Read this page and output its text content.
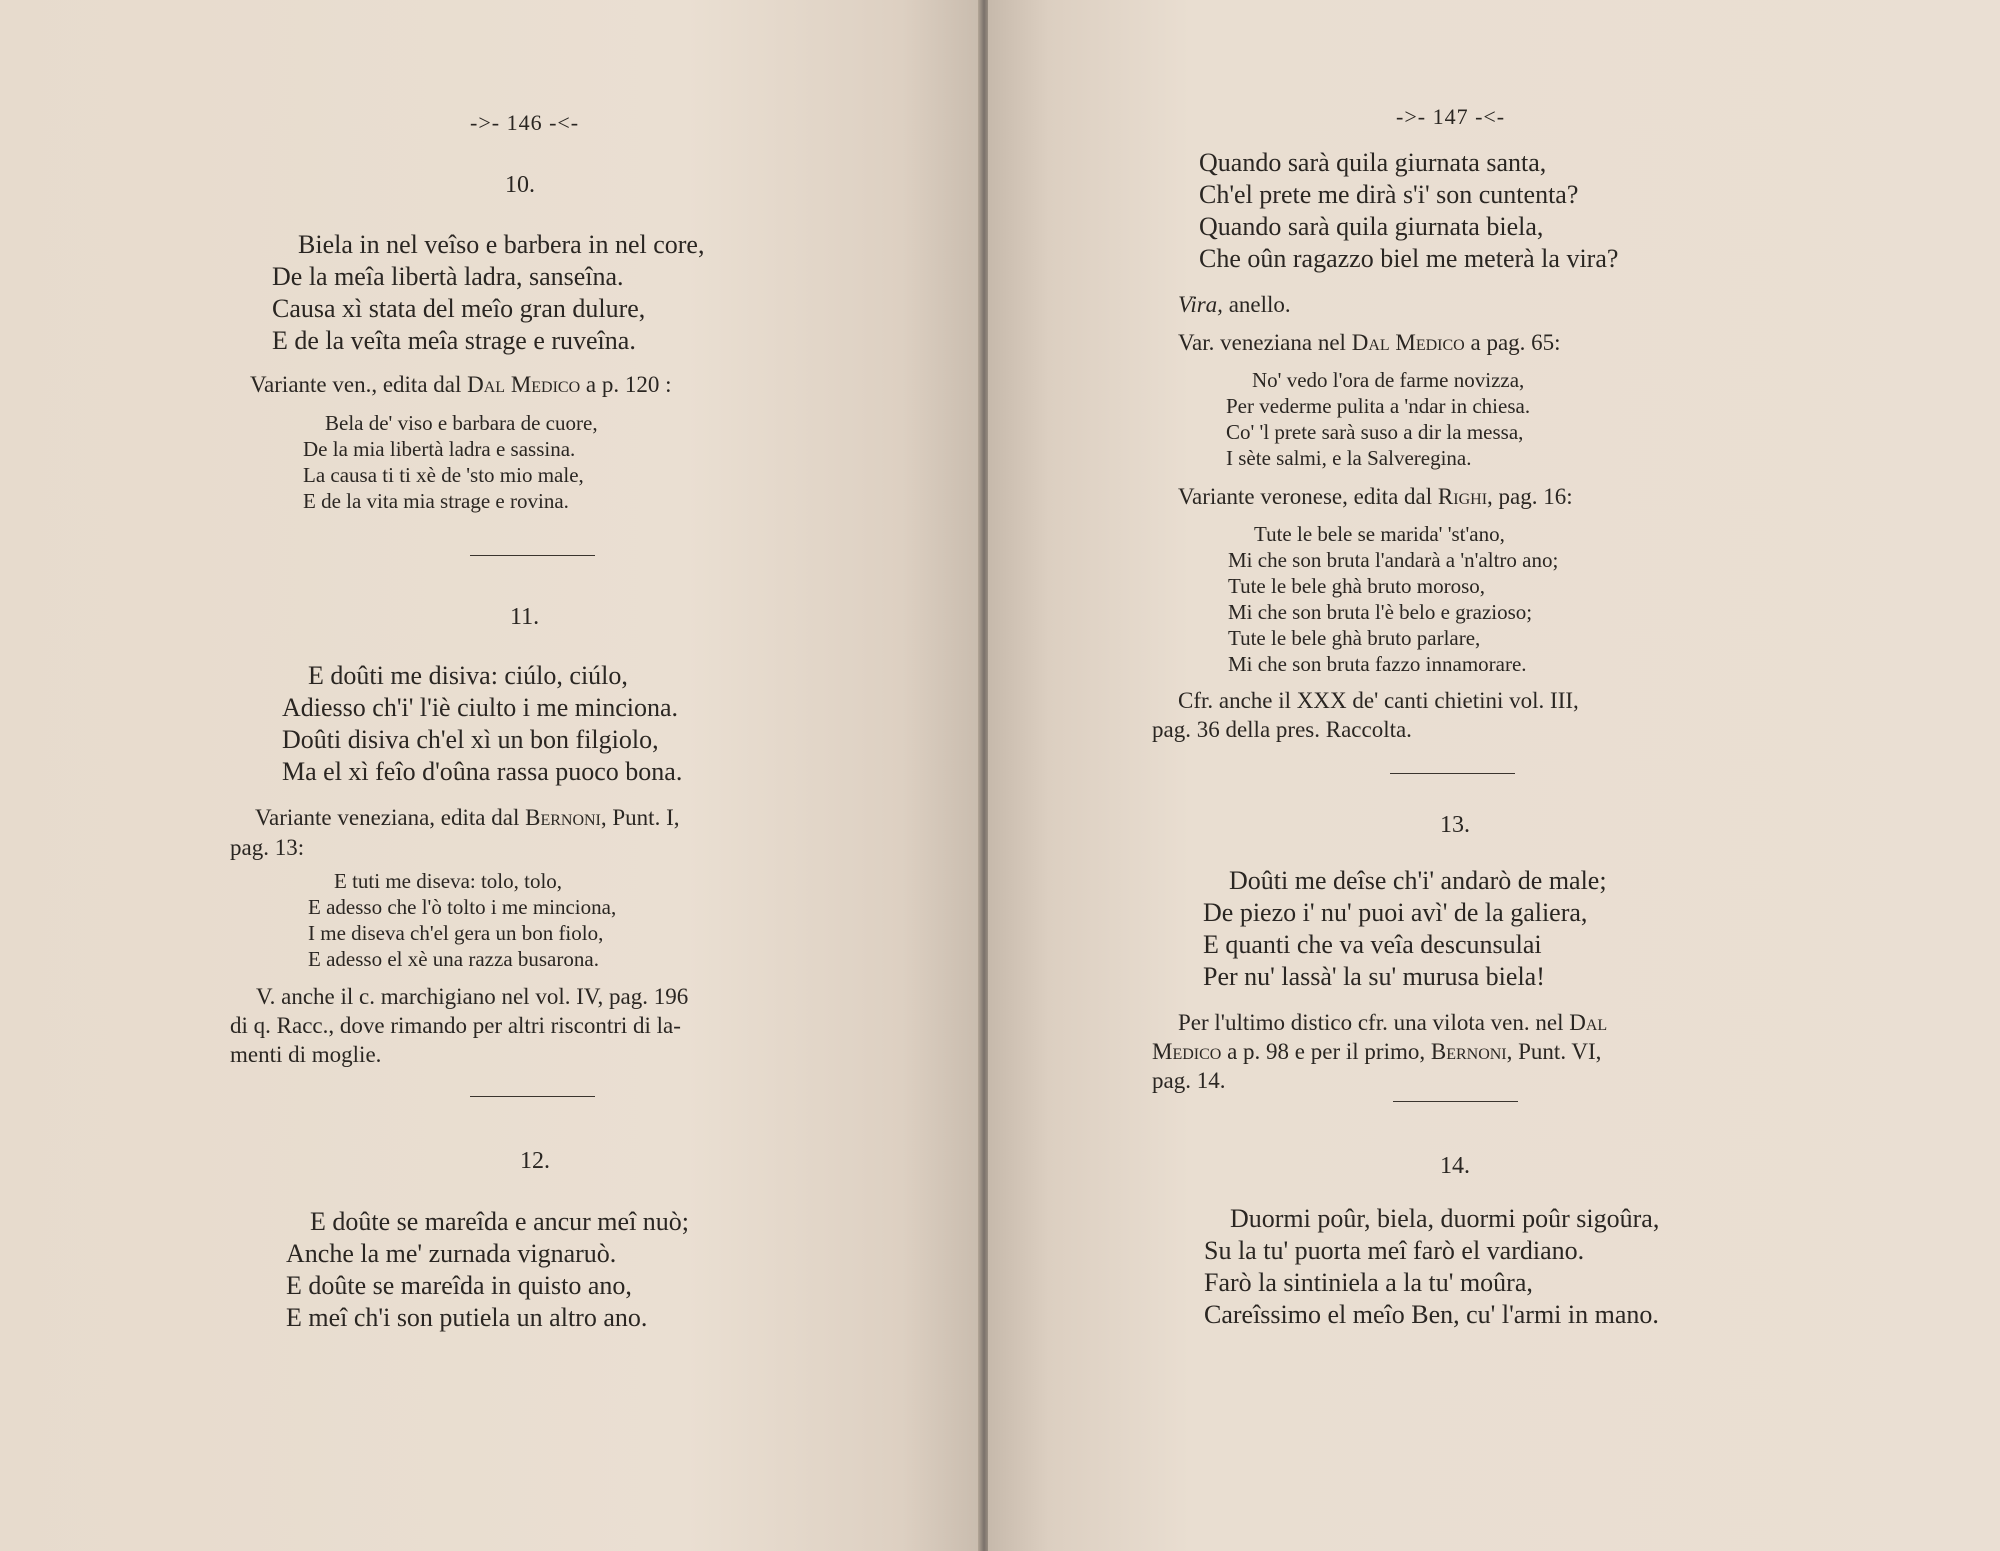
->- 146 -<-
10.
Biela in nel veîso e barbera in nel core,
De la meîa libertà ladra, sanseîna.
Causa xì stata del meîo gran dulure,
E de la veîta meîa strage e ruveîna.
Variante ven., edita dal Dal Medico a p. 120 :
Bela de' viso e barbara de cuore,
De la mia libertà ladra e sassina.
La causa ti ti xè de 'sto mio male,
E de la vita mia strage e rovina.
11.
E doûti me disiva: ciúlo, ciúlo,
Adiesso ch'i' l'iè ciulto i me minciona.
Doûti disiva ch'el xì un bon filgiolo,
Ma el xì feîo d'oûna rassa puoco bona.
Variante veneziana, edita dal Bernoni, Punt. I,
pag. 13:
E tuti me diseva: tolo, tolo,
E adesso che l'ò tolto i me minciona,
I me diseva ch'el gera un bon fiolo,
E adesso el xè una razza busarona.
V. anche il c. marchigiano nel vol. IV, pag. 196
di q. Racc., dove rimando per altri riscontri di la-
menti di moglie.
12.
E doûte se mareîda e ancur meî nuò;
Anche la me' zurnada vignaruò.
E doûte se mareîda in quisto ano,
E meî ch'i son putiela un altro ano.
->- 147 -<-
Quando sarà quila giurnata santa,
Ch'el prete me dirà s'i' son cuntenta?
Quando sarà quila giurnata biela,
Che oûn ragazzo biel me meterà la vira?
Vira, anello.
Var. veneziana nel Dal Medico a pag. 65:
No' vedo l'ora de farme novizza,
Per vederme pulita a 'ndar in chiesa.
Co' 'l prete sarà suso a dir la messa,
I sète salmi, e la Salveregina.
Variante veronese, edita dal Righi, pag. 16:
Tute le bele se marida' 'st'ano,
Mi che son bruta l'andarà a 'n'altro ano;
Tute le bele ghà bruto moroso,
Mi che son bruta l'è belo e grazioso;
Tute le bele ghà bruto parlare,
Mi che son bruta fazzo innamorare.
Cfr. anche il XXX de' canti chietini vol. III,
pag. 36 della pres. Raccolta.
13.
Doûti me deîse ch'i' andarò de male;
De piezo i' nu' puoi avì' de la galiera,
E quanti che va veîa descunsulai
Per nu' lassà' la su' murusa biela!
Per l'ultimo distico cfr. una vilota ven. nel Dal
Medico a p. 98 e per il primo, Bernoni, Punt. VI,
pag. 14.
14.
Duormi poûr, biela, duormi poûr sigoûra,
Su la tu' puorta meî farò el vardiano.
Farò la sintiniela a la tu' moûra,
Careîssimo el meîo Ben, cu' l'armi in mano.
